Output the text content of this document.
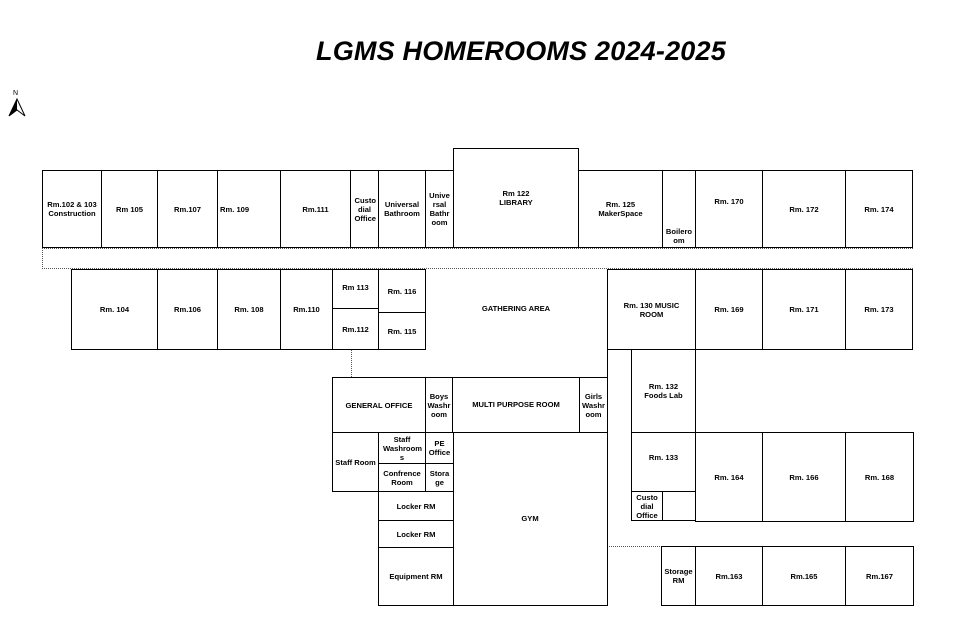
LGMS HOMEROOMS 2024-2025
N
Rm.102 & 103 Construction	Rm 105	Rm.107 Rm. 109	Rm.111
Custo dial Office
Universal Bathroom
Unive rsal Bathr oom
Rm 122 LIBRARY	Rm. 125 MakerSpace
Boilero om
Rm. 170
Rm. 172	Rm. 174
Rm. 104	Rm.106	Rm. 108	Rm.110
Rm 113 Rm. 116
Rm.112 Rm. 115
GATHERING AREA	Rm. 130 MUSIC ROOM	Rm. 169	Rm. 171	Rm. 173
GENERAL OFFICE
Boys Washr oom
MULTI PURPOSE ROOM
Girls Washr oom
GYM
Rm. 132 Foods Lab
Staff Room
Staff Washroom s
PE Office
Confrence Room
Stora ge
Locker RM
Locker RM
Equipment RM
Rm. 133
Custo dial Office
Rm. 164	Rm. 166	Rm. 168
Storage RM	Rm.163	Rm.165	Rm.167
